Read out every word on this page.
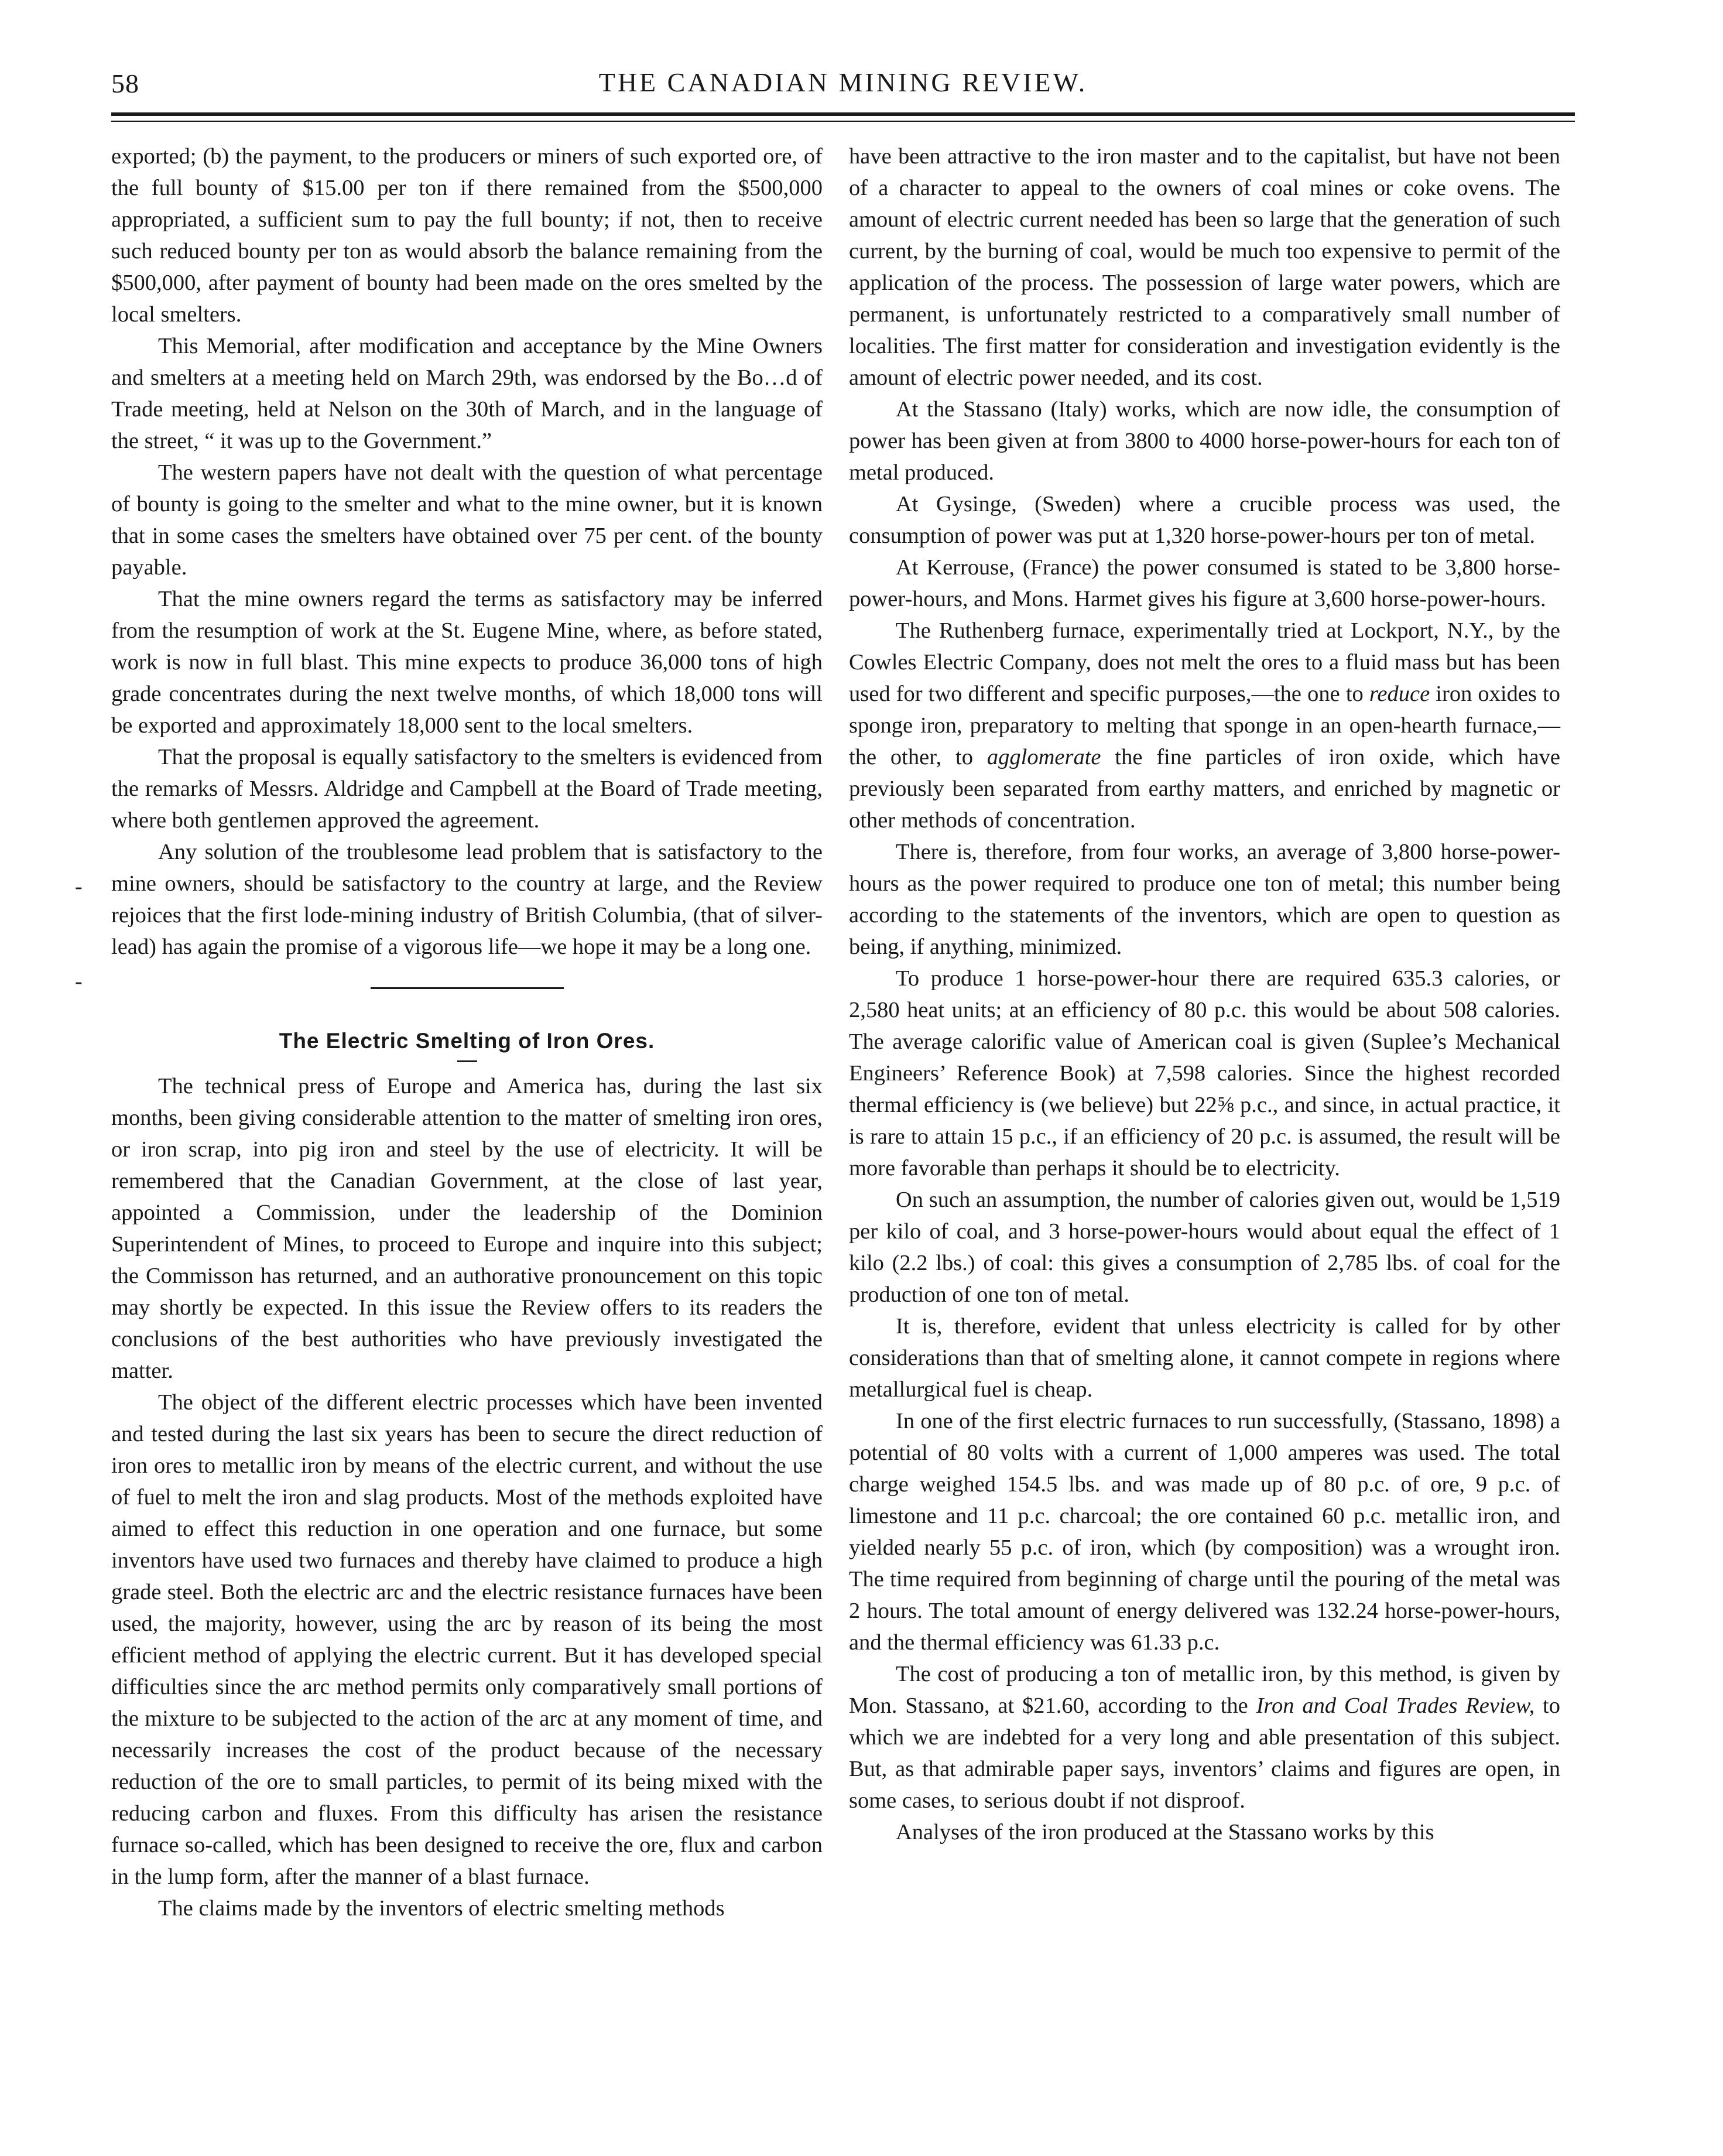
58	THE CANADIAN MINING REVIEW.

exported; (b) the payment, to the producers or miners of such exported ore, of the full bounty of $15.00 per ton if there remained from the $500,000 appropriated, a sufficient sum to pay the full bounty; if not, then to receive such reduced bounty per ton as would absorb the balance remaining from the $500,000, after payment of bounty had been made on the ores smelted by the local smelters.

This Memorial, after modification and acceptance by the Mine Owners and smelters at a meeting held on March 29th, was endorsed by the Bo…d of Trade meeting, held at Nelson on the 30th of March, and in the language of the street, “ it was up to the Government.”

The western papers have not dealt with the question of what percentage of bounty is going to the smelter and what to the mine owner, but it is known that in some cases the smelters have obtained over 75 per cent. of the bounty payable.

That the mine owners regard the terms as satisfactory may be inferred from the resumption of work at the St. Eugene Mine, where, as before stated, work is now in full blast. This mine expects to produce 36,000 tons of high grade concentrates during the next twelve months, of which 18,000 tons will be exported and approximately 18,000 sent to the local smelters.

That the proposal is equally satisfactory to the smelters is evidenced from the remarks of Messrs. Aldridge and Campbell at the Board of Trade meeting, where both gentlemen approved the agreement.

Any solution of the troublesome lead problem that is satisfactory to the mine owners, should be satisfactory to the country at large, and the Review rejoices that the first lode-mining industry of British Columbia, (that of silver-lead) has again the promise of a vigorous life—we hope it may be a long one.

The Electric Smelting of Iron Ores.

The technical press of Europe and America has, during the last six months, been giving considerable attention to the matter of smelting iron ores, or iron scrap, into pig iron and steel by the use of electricity. It will be remembered that the Canadian Government, at the close of last year, appointed a Commission, under the leadership of the Dominion Superintendent of Mines, to proceed to Europe and inquire into this subject; the Commisson has returned, and an authorative pronouncement on this topic may shortly be expected. In this issue the Review offers to its readers the conclusions of the best authorities who have previously investigated the matter.

The object of the different electric processes which have been invented and tested during the last six years has been to secure the direct reduction of iron ores to metallic iron by means of the electric current, and without the use of fuel to melt the iron and slag products. Most of the methods exploited have aimed to effect this reduction in one operation and one furnace, but some inventors have used two furnaces and thereby have claimed to produce a high grade steel. Both the electric arc and the electric resistance furnaces have been used, the majority, however, using the arc by reason of its being the most efficient method of applying the electric current. But it has developed special difficulties since the arc method permits only comparatively small portions of the mixture to be subjected to the action of the arc at any moment of time, and necessarily increases the cost of the product because of the necessary reduction of the ore to small particles, to permit of its being mixed with the reducing carbon and fluxes. From this difficulty has arisen the resistance furnace so-called, which has been designed to receive the ore, flux and carbon in the lump form, after the manner of a blast furnace.

The claims made by the inventors of electric smelting methods

have been attractive to the iron master and to the capitalist, but have not been of a character to appeal to the owners of coal mines or coke ovens. The amount of electric current needed has been so large that the generation of such current, by the burning of coal, would be much too expensive to permit of the application of the process. The possession of large water powers, which are permanent, is unfortunately restricted to a comparatively small number of localities. The first matter for consideration and investigation evidently is the amount of electric power needed, and its cost.

At the Stassano (Italy) works, which are now idle, the consumption of power has been given at from 3800 to 4000 horse-power-hours for each ton of metal produced.

At Gysinge, (Sweden) where a crucible process was used, the consumption of power was put at 1,320 horse-power-hours per ton of metal.

At Kerrouse, (France) the power consumed is stated to be 3,800 horse-power-hours, and Mons. Harmet gives his figure at 3,600 horse-power-hours.

The Ruthenberg furnace, experimentally tried at Lockport, N.Y., by the Cowles Electric Company, does not melt the ores to a fluid mass but has been used for two different and specific purposes,—the one to reduce iron oxides to sponge iron, preparatory to melting that sponge in an open-hearth furnace,—the other, to agglomerate the fine particles of iron oxide, which have previously been separated from earthy matters, and enriched by magnetic or other methods of concentration.

There is, therefore, from four works, an average of 3,800 horse-power-hours as the power required to produce one ton of metal; this number being according to the statements of the inventors, which are open to question as being, if anything, minimized.

To produce 1 horse-power-hour there are required 635.3 calories, or 2,580 heat units; at an efficiency of 80 p.c. this would be about 508 calories. The average calorific value of American coal is given (Suplee’s Mechanical Engineers’ Reference Book) at 7,598 calories. Since the highest recorded thermal efficiency is (we believe) but 22⅝ p.c., and since, in actual practice, it is rare to attain 15 p.c., if an efficiency of 20 p.c. is assumed, the result will be more favorable than perhaps it should be to electricity.

On such an assumption, the number of calories given out, would be 1,519 per kilo of coal, and 3 horse-power-hours would about equal the effect of 1 kilo (2.2 lbs.) of coal: this gives a consumption of 2,785 lbs. of coal for the production of one ton of metal.

It is, therefore, evident that unless electricity is called for by other considerations than that of smelting alone, it cannot compete in regions where metallurgical fuel is cheap.

In one of the first electric furnaces to run successfully, (Stassano, 1898) a potential of 80 volts with a current of 1,000 amperes was used. The total charge weighed 154.5 lbs. and was made up of 80 p.c. of ore, 9 p.c. of limestone and 11 p.c. charcoal; the ore contained 60 p.c. metallic iron, and yielded nearly 55 p.c. of iron, which (by composition) was a wrought iron. The time required from beginning of charge until the pouring of the metal was 2 hours. The total amount of energy delivered was 132.24 horse-power-hours, and the thermal efficiency was 61.33 p.c.

The cost of producing a ton of metallic iron, by this method, is given by Mon. Stassano, at $21.60, according to the Iron and Coal Trades Review, to which we are indebted for a very long and able presentation of this subject. But, as that admirable paper says, inventors’ claims and figures are open, in some cases, to serious doubt if not disproof.

Analyses of the iron produced at the Stassano works by this

-
-
